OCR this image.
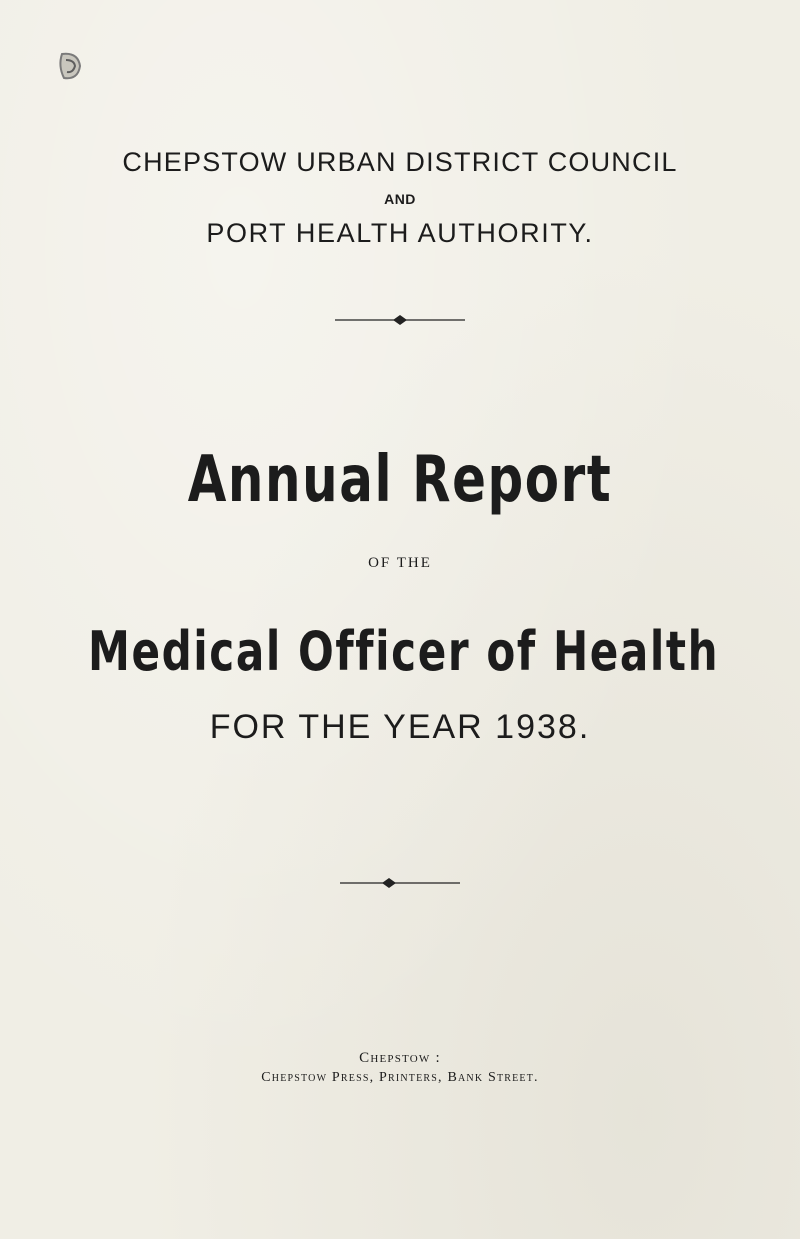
CHEPSTOW URBAN DISTRICT COUNCIL
AND
PORT HEALTH AUTHORITY.
Annual Report
OF THE
Medical Officer of Health
FOR THE YEAR 1938.
Chepstow :
Chepstow Press, Printers, Bank Street.
